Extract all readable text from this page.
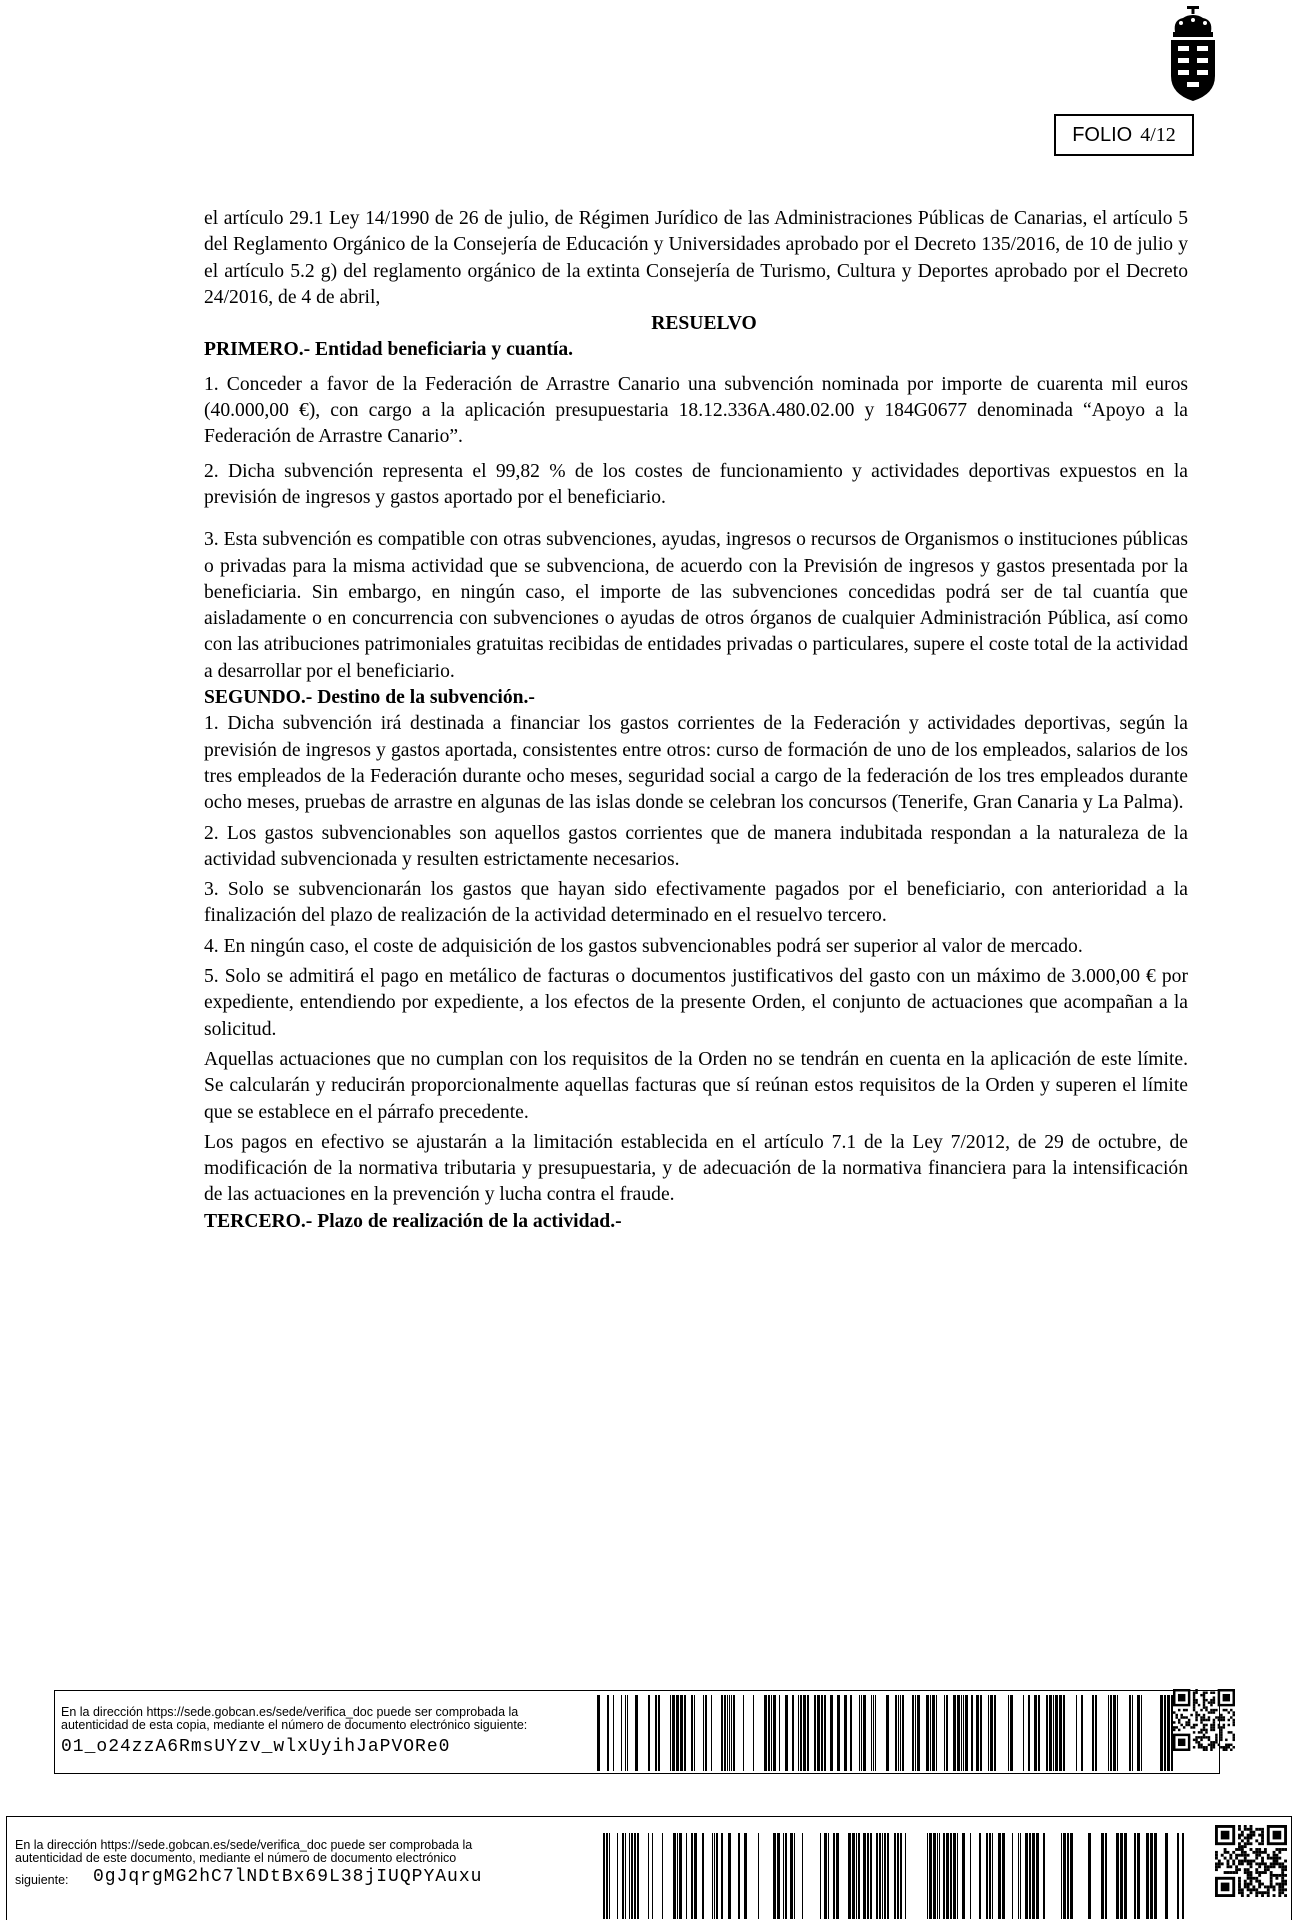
FOLIO 4/12

el artículo 29.1 Ley 14/1990 de 26 de julio, de Régimen Jurídico de las Administraciones Públicas de Canarias, el artículo 5 del Reglamento Orgánico de la Consejería de Educación y Universidades aprobado por el Decreto 135/2016, de 10 de julio y el artículo 5.2 g) del reglamento orgánico de la extinta Consejería de Turismo, Cultura y Deportes aprobado por el Decreto 24/2016, de 4 de abril,

RESUELVO

PRIMERO.- Entidad beneficiaria y cuantía.

1. Conceder a favor de la Federación de Arrastre Canario una subvención nominada por importe de cuarenta mil euros (40.000,00 €), con cargo a la aplicación presupuestaria 18.12.336A.480.02.00 y 184G0677 denominada “Apoyo a la Federación de Arrastre Canario”.

2. Dicha subvención representa el 99,82 % de los costes de funcionamiento y actividades deportivas expuestos en la previsión de ingresos y gastos aportado por el beneficiario.

3. Esta subvención es compatible con otras subvenciones, ayudas, ingresos o recursos de Organismos o instituciones públicas o privadas para la misma actividad que se subvenciona, de acuerdo con la Previsión de ingresos y gastos presentada por la beneficiaria. Sin embargo, en ningún caso, el importe de las subvenciones concedidas podrá ser de tal cuantía que aisladamente o en concurrencia con subvenciones o ayudas de otros órganos de cualquier Administración Pública, así como con las atribuciones patrimoniales gratuitas recibidas de entidades privadas o particulares, supere el coste total de la actividad a desarrollar por el beneficiario.

SEGUNDO.- Destino de la subvención.-

1. Dicha subvención irá destinada a financiar los gastos corrientes de la Federación y actividades deportivas, según la previsión de ingresos y gastos aportada, consistentes entre otros: curso de formación de uno de los empleados, salarios de los tres empleados de la Federación durante ocho meses, seguridad social a cargo de la federación de los tres empleados durante ocho meses, pruebas de arrastre en algunas de las islas donde se celebran los concursos (Tenerife, Gran Canaria y La Palma).

2. Los gastos subvencionables son aquellos gastos corrientes que de manera indubitada respondan a la naturaleza de la actividad subvencionada y resulten estrictamente necesarios.

3. Solo se subvencionarán los gastos que hayan sido efectivamente pagados por el beneficiario, con anterioridad a la finalización del plazo de realización de la actividad determinado en el resuelvo tercero.

4. En ningún caso, el coste de adquisición de los gastos subvencionables podrá ser superior al valor de mercado.

5. Solo se admitirá el pago en metálico de facturas o documentos justificativos del gasto con un máximo de 3.000,00 € por expediente, entendiendo por expediente, a los efectos de la presente Orden, el conjunto de actuaciones que acompañan a la solicitud.

Aquellas actuaciones que no cumplan con los requisitos de la Orden no se tendrán en cuenta en la aplicación de este límite. Se calcularán y reducirán proporcionalmente aquellas facturas que sí reúnan estos requisitos de la Orden y superen el límite que se establece en el párrafo precedente.

Los pagos en efectivo se ajustarán a la limitación establecida en el artículo 7.1 de la Ley 7/2012, de 29 de octubre, de modificación de la normativa tributaria y presupuestaria, y de adecuación de la normativa financiera para la intensificación de las actuaciones en la prevención y lucha contra el fraude.

TERCERO.- Plazo de realización de la actividad.-

En la dirección https://sede.gobcan.es/sede/verifica_doc puede ser comprobada la
autenticidad de esta copia, mediante el número de documento electrónico siguiente:
01_o24zzA6RmsUYzv_wlxUyihJaPVORe0
En la dirección https://sede.gobcan.es/sede/verifica_doc puede ser comprobada la
autenticidad de este documento, mediante el número de documento electrónico
siguiente: 0gJqrgMG2hC7lNDtBx69L38jIUQPYAuxu
